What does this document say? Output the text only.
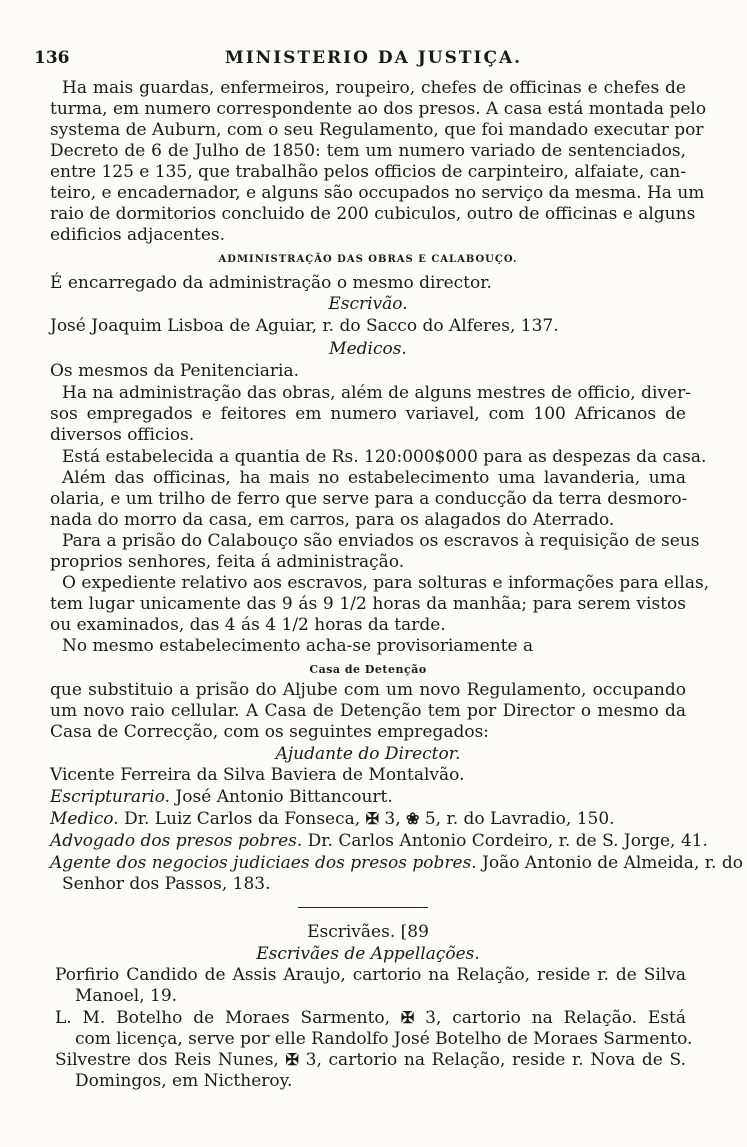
136	MINISTERIO DA JUSTIÇA.
Ha mais guardas, enfermeiros, roupeiro, chefes de officinas e chefes de
turma, em numero correspondente ao dos presos. A casa está montada pelo
systema de Auburn, com o seu Regulamento, que foi mandado executar por
Decreto de 6 de Julho de 1850: tem um numero variado de sentenciados,
entre 125 e 135, que trabalhão pelos officios de carpinteiro, alfaiate, can-
teiro, e encadernador, e alguns são occupados no serviço da mesma. Ha um
raio de dormitorios concluido de 200 cubiculos, outro de officinas e alguns
edificios adjacentes.
ADMINISTRAÇÃO DAS OBRAS E CALABOUÇO.
É encarregado da administração o mesmo director.
Escrivão.
José Joaquim Lisboa de Aguiar, r. do Sacco do Alferes, 137.
Medicos.
Os mesmos da Penitenciaria.
Ha na administração das obras, além de alguns mestres de officio, diver-
sos empregados e feitores em numero variavel, com 100 Africanos de
diversos officios.
Está estabelecida a quantia de Rs. 120:000$000 para as despezas da casa.
Além das officinas, ha mais no estabelecimento uma lavanderia, uma
olaria, e um trilho de ferro que serve para a conducção da terra desmoro-
nada do morro da casa, em carros, para os alagados do Aterrado.
Para a prisão do Calabouço são enviados os escravos à requisição de seus
proprios senhores, feita á administração.
O expediente relativo aos escravos, para solturas e informações para ellas,
tem lugar unicamente das 9 ás 9 1/2 horas da manhãa; para serem vistos
ou examinados, das 4 ás 4 1/2 horas da tarde.
No mesmo estabelecimento acha-se provisoriamente a
Casa de Detenção
que substituio a prisão do Aljube com um novo Regulamento, occupando
um novo raio cellular. A Casa de Detenção tem por Director o mesmo da
Casa de Correcção, com os seguintes empregados:
Ajudante do Director.
Vicente Ferreira da Silva Baviera de Montalvão.
Escripturario. José Antonio Bittancourt.
Medico. Dr. Luiz Carlos da Fonseca, ✠ 3, ❀ 5, r. do Lavradio, 150.
Advogado dos presos pobres. Dr. Carlos Antonio Cordeiro, r. de S. Jorge, 41.
Agente dos negocios judiciaes dos presos pobres. João Antonio de Almeida, r. do
Senhor dos Passos, 183.
Escrivães. [89
Escrivães de Appellações.
Porfirio Candido de Assis Araujo, cartorio na Relação, reside r. de Silva
Manoel, 19.
L. M. Botelho de Moraes Sarmento, ✠ 3, cartorio na Relação. Está
com licença, serve por elle Randolfo José Botelho de Moraes Sarmento.
Silvestre dos Reis Nunes, ✠ 3, cartorio na Relação, reside r. Nova de S.
Domingos, em Nictheroy.
